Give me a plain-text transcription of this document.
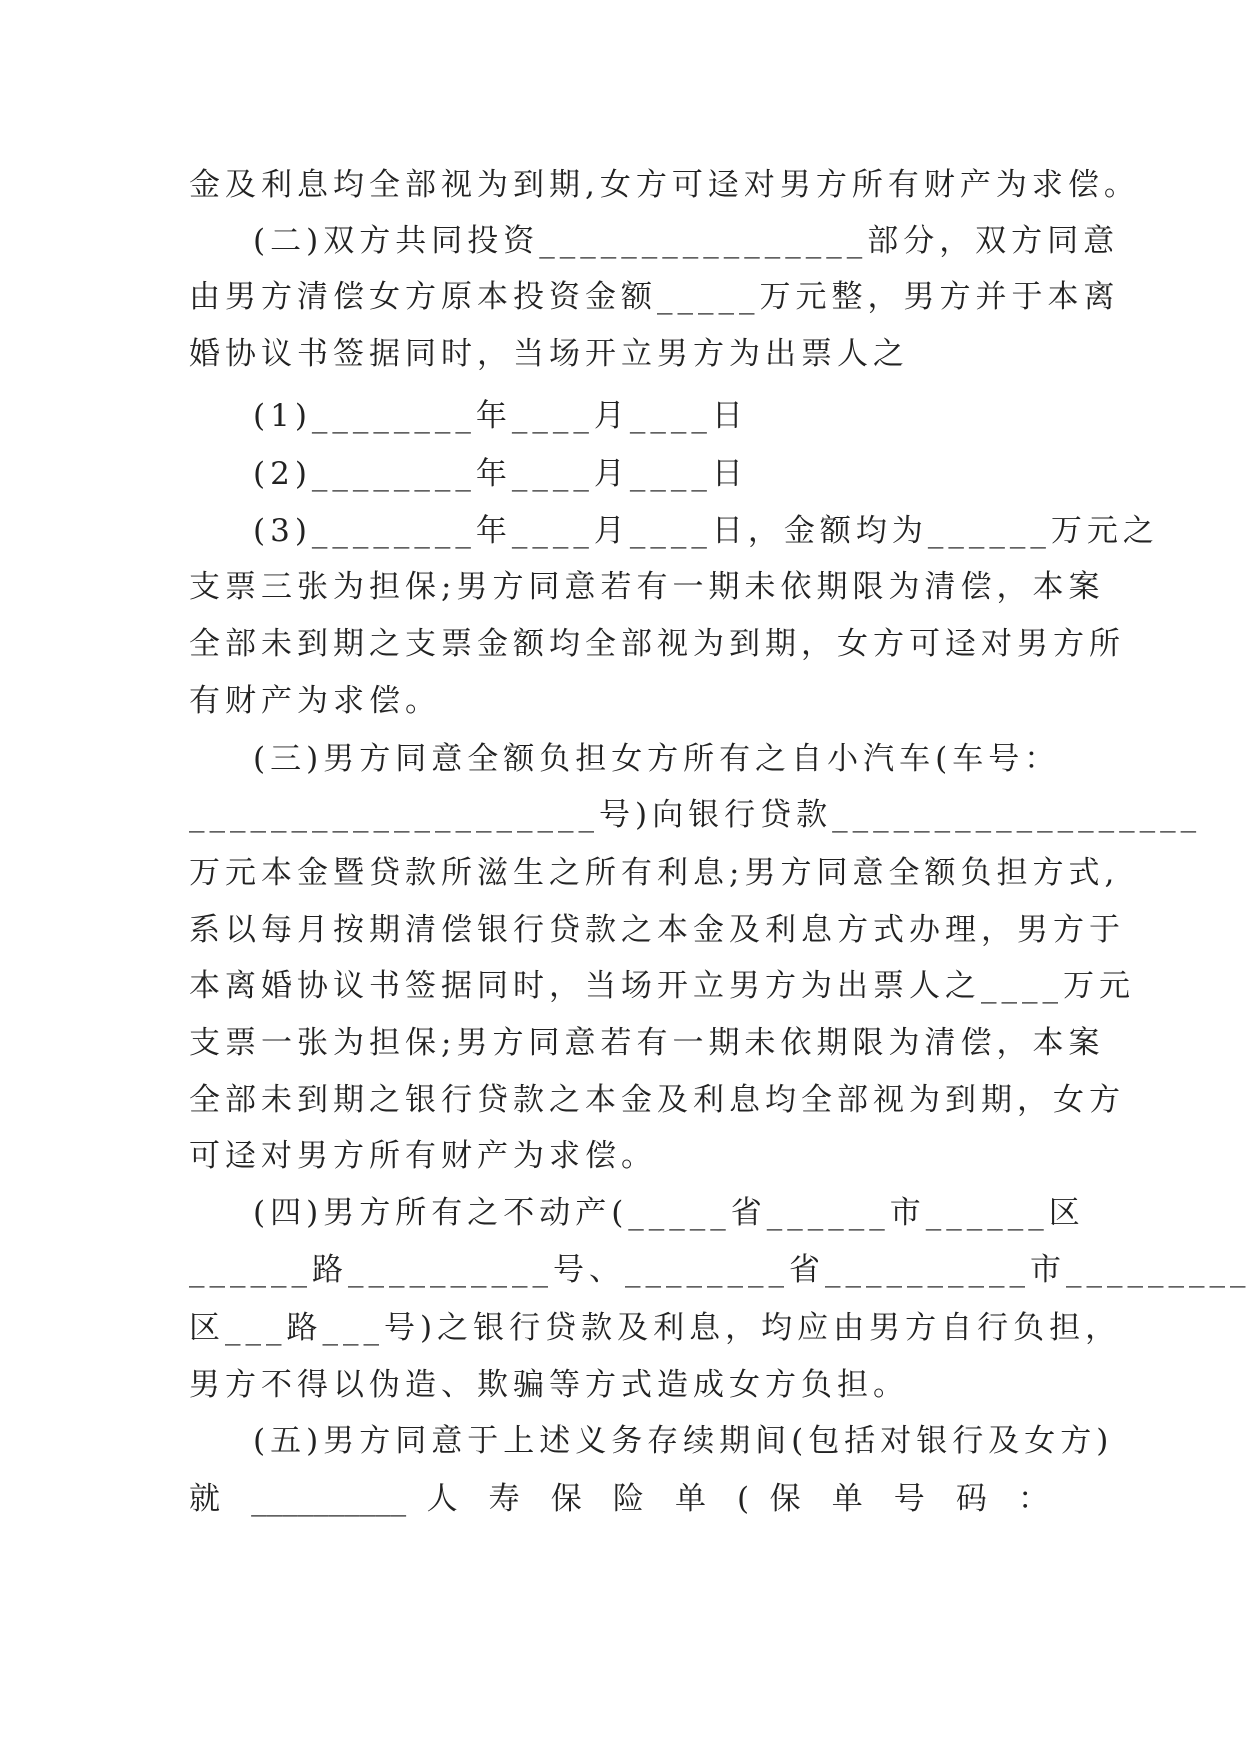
金及利息均全部视为到期,女方可迳对男方所有财产为求偿。
(二)双方共同投资________________部分，双方同意
由男方清偿女方原本投资金额_____万元整，男方并于本离
婚协议书签据同时，当场开立男方为出票人之
(1)________年____月____日
(2)________年____月____日
(3)________年____月____日，金额均为______万元之
支票三张为担保;男方同意若有一期未依期限为清偿，本案
全部未到期之支票金额均全部视为到期，女方可迳对男方所
有财产为求偿。
(三)男方同意全额负担女方所有之自小汽车(车号：
____________________号)向银行贷款__________________
万元本金暨贷款所滋生之所有利息;男方同意全额负担方式,
系以每月按期清偿银行贷款之本金及利息方式办理，男方于
本离婚协议书签据同时，当场开立男方为出票人之____万元
支票一张为担保;男方同意若有一期未依期限为清偿，本案
全部未到期之银行贷款之本金及利息均全部视为到期，女方
可迳对男方所有财产为求偿。
(四)男方所有之不动产(_____省______市______区
______路__________号、________省__________市_________
区___路___号)之银行贷款及利息，均应由男方自行负担，
男方不得以伪造、欺骗等方式造成女方负担。
(五)男方同意于上述义务存续期间(包括对银行及女方)
就 __________ 人 寿 保 险 单 ( 保 单 号 码 ：
